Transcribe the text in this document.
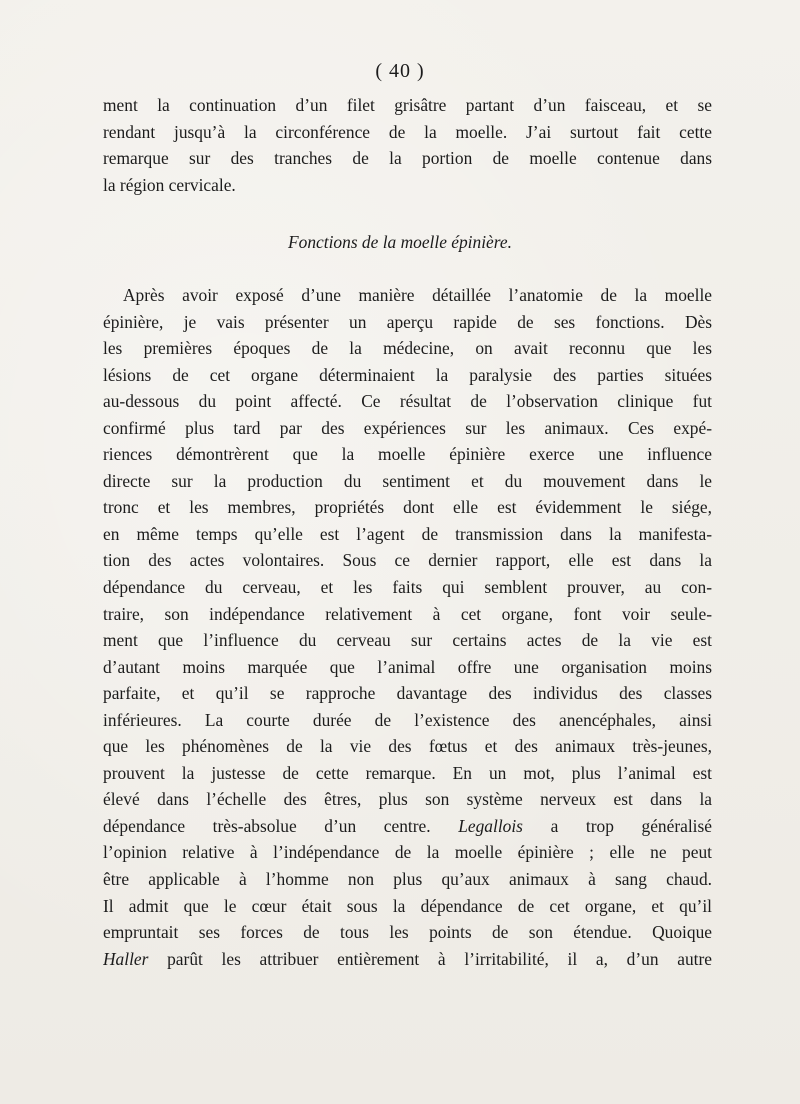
( 40 )
ment la continuation d’un filet grisâtre partant d’un faisceau, et se
rendant jusqu’à la circonférence de la moelle. J’ai surtout fait cette
remarque sur des tranches de la portion de moelle contenue dans
la région cervicale.
Fonctions de la moelle épinière.
Après avoir exposé d’une manière détaillée l’anatomie de la moelle
épinière, je vais présenter un aperçu rapide de ses fonctions. Dès
les premières époques de la médecine, on avait reconnu que les
lésions de cet organe déterminaient la paralysie des parties situées
au-dessous du point affecté. Ce résultat de l’observation clinique fut
confirmé plus tard par des expériences sur les animaux. Ces expé-
riences démontrèrent que la moelle épinière exerce une influence
directe sur la production du sentiment et du mouvement dans le
tronc et les membres, propriétés dont elle est évidemment le siége,
en même temps qu’elle est l’agent de transmission dans la manifesta-
tion des actes volontaires. Sous ce dernier rapport, elle est dans la
dépendance du cerveau, et les faits qui semblent prouver, au con-
traire, son indépendance relativement à cet organe, font voir seule-
ment que l’influence du cerveau sur certains actes de la vie est
d’autant moins marquée que l’animal offre une organisation moins
parfaite, et qu’il se rapproche davantage des individus des classes
inférieures. La courte durée de l’existence des anencéphales, ainsi
que les phénomènes de la vie des fœtus et des animaux très-jeunes,
prouvent la justesse de cette remarque. En un mot, plus l’animal est
élevé dans l’échelle des êtres, plus son système nerveux est dans la
dépendance très-absolue d’un centre. Legallois a trop généralisé
l’opinion relative à l’indépendance de la moelle épinière ; elle ne peut
être applicable à l’homme non plus qu’aux animaux à sang chaud.
Il admit que le cœur était sous la dépendance de cet organe, et qu’il
empruntait ses forces de tous les points de son étendue. Quoique
Haller parût les attribuer entièrement à l’irritabilité, il a, d’un autre
